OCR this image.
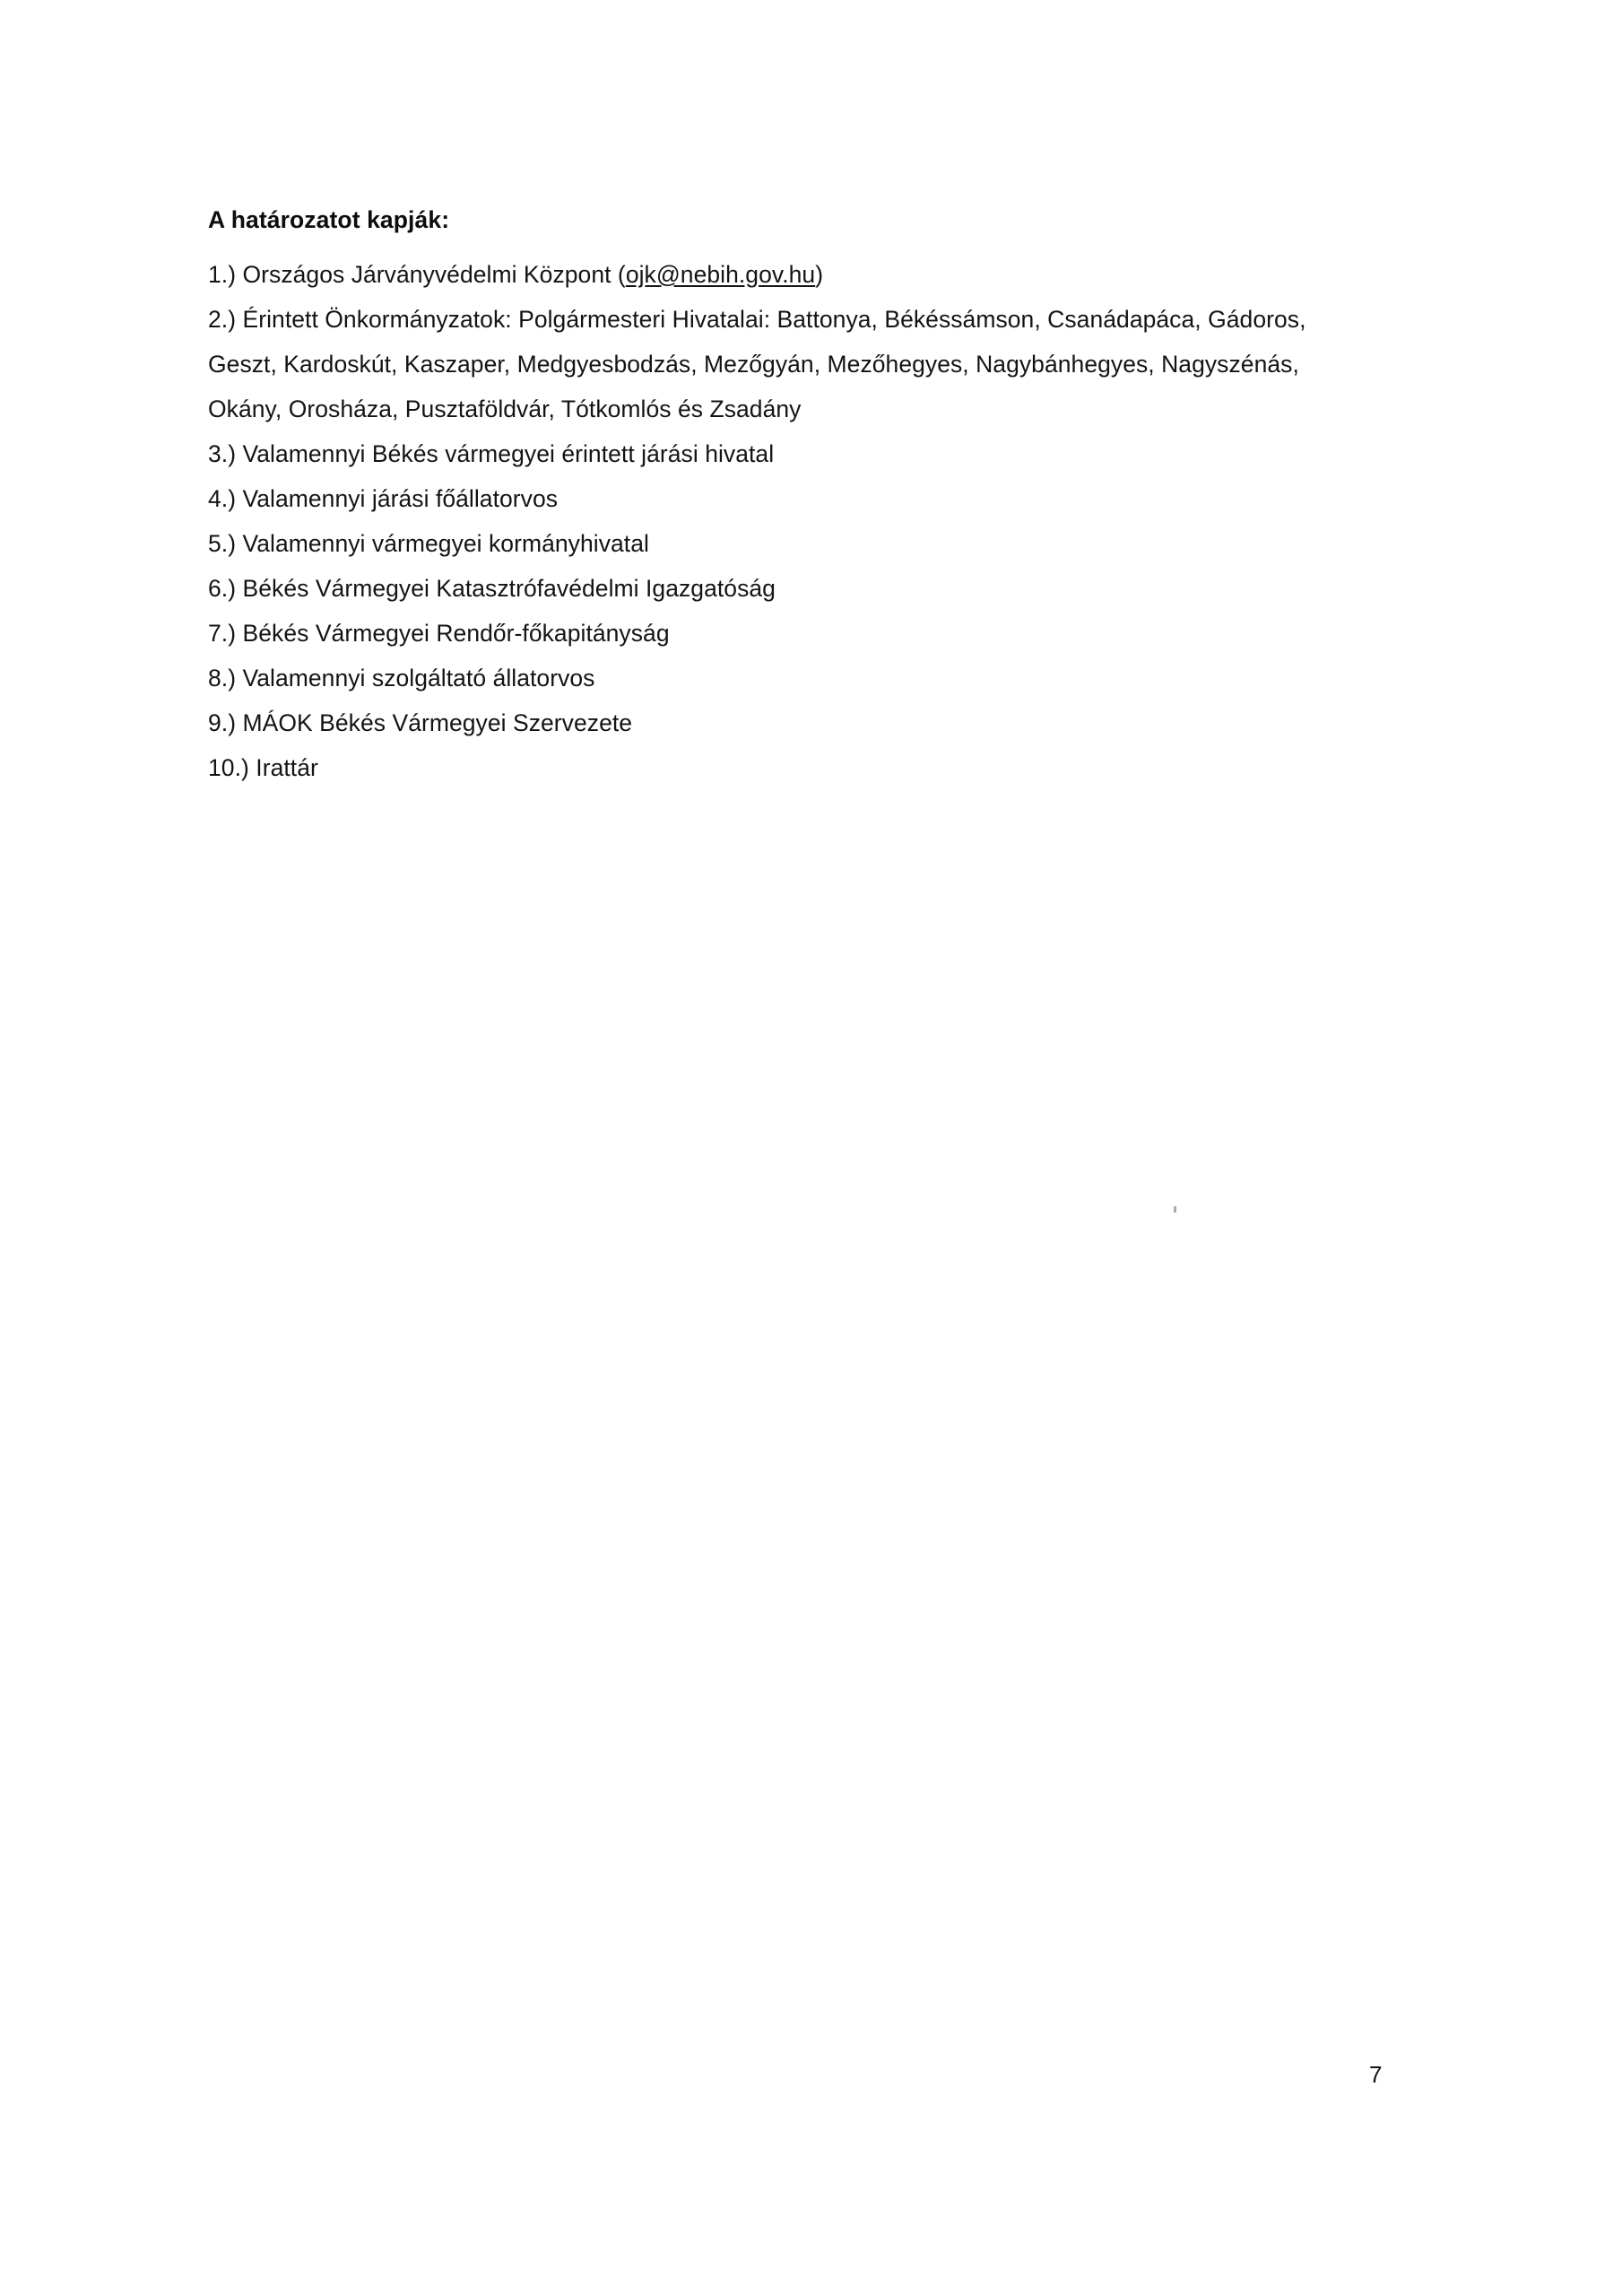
A határozatot kapják:
1.) Országos Járványvédelmi Központ (ojk@nebih.gov.hu)
2.) Érintett Önkormányzatok: Polgármesteri Hivatalai: Battonya, Békéssámson, Csanádapáca, Gádoros,
Geszt, Kardoskút, Kaszaper, Medgyesbodzás, Mezőgyán, Mezőhegyes, Nagybánhegyes, Nagyszénás,
Okány, Orosháza, Pusztaföldvár, Tótkomlós és Zsadány
3.) Valamennyi Békés vármegyei érintett járási hivatal
4.) Valamennyi járási főállatorvos
5.) Valamennyi vármegyei kormányhivatal
6.) Békés Vármegyei Katasztrófavédelmi Igazgatóság
7.) Békés Vármegyei Rendőr-főkapitányság
8.) Valamennyi szolgáltató állatorvos
9.) MÁOK Békés Vármegyei Szervezete
10.) Irattár
7
